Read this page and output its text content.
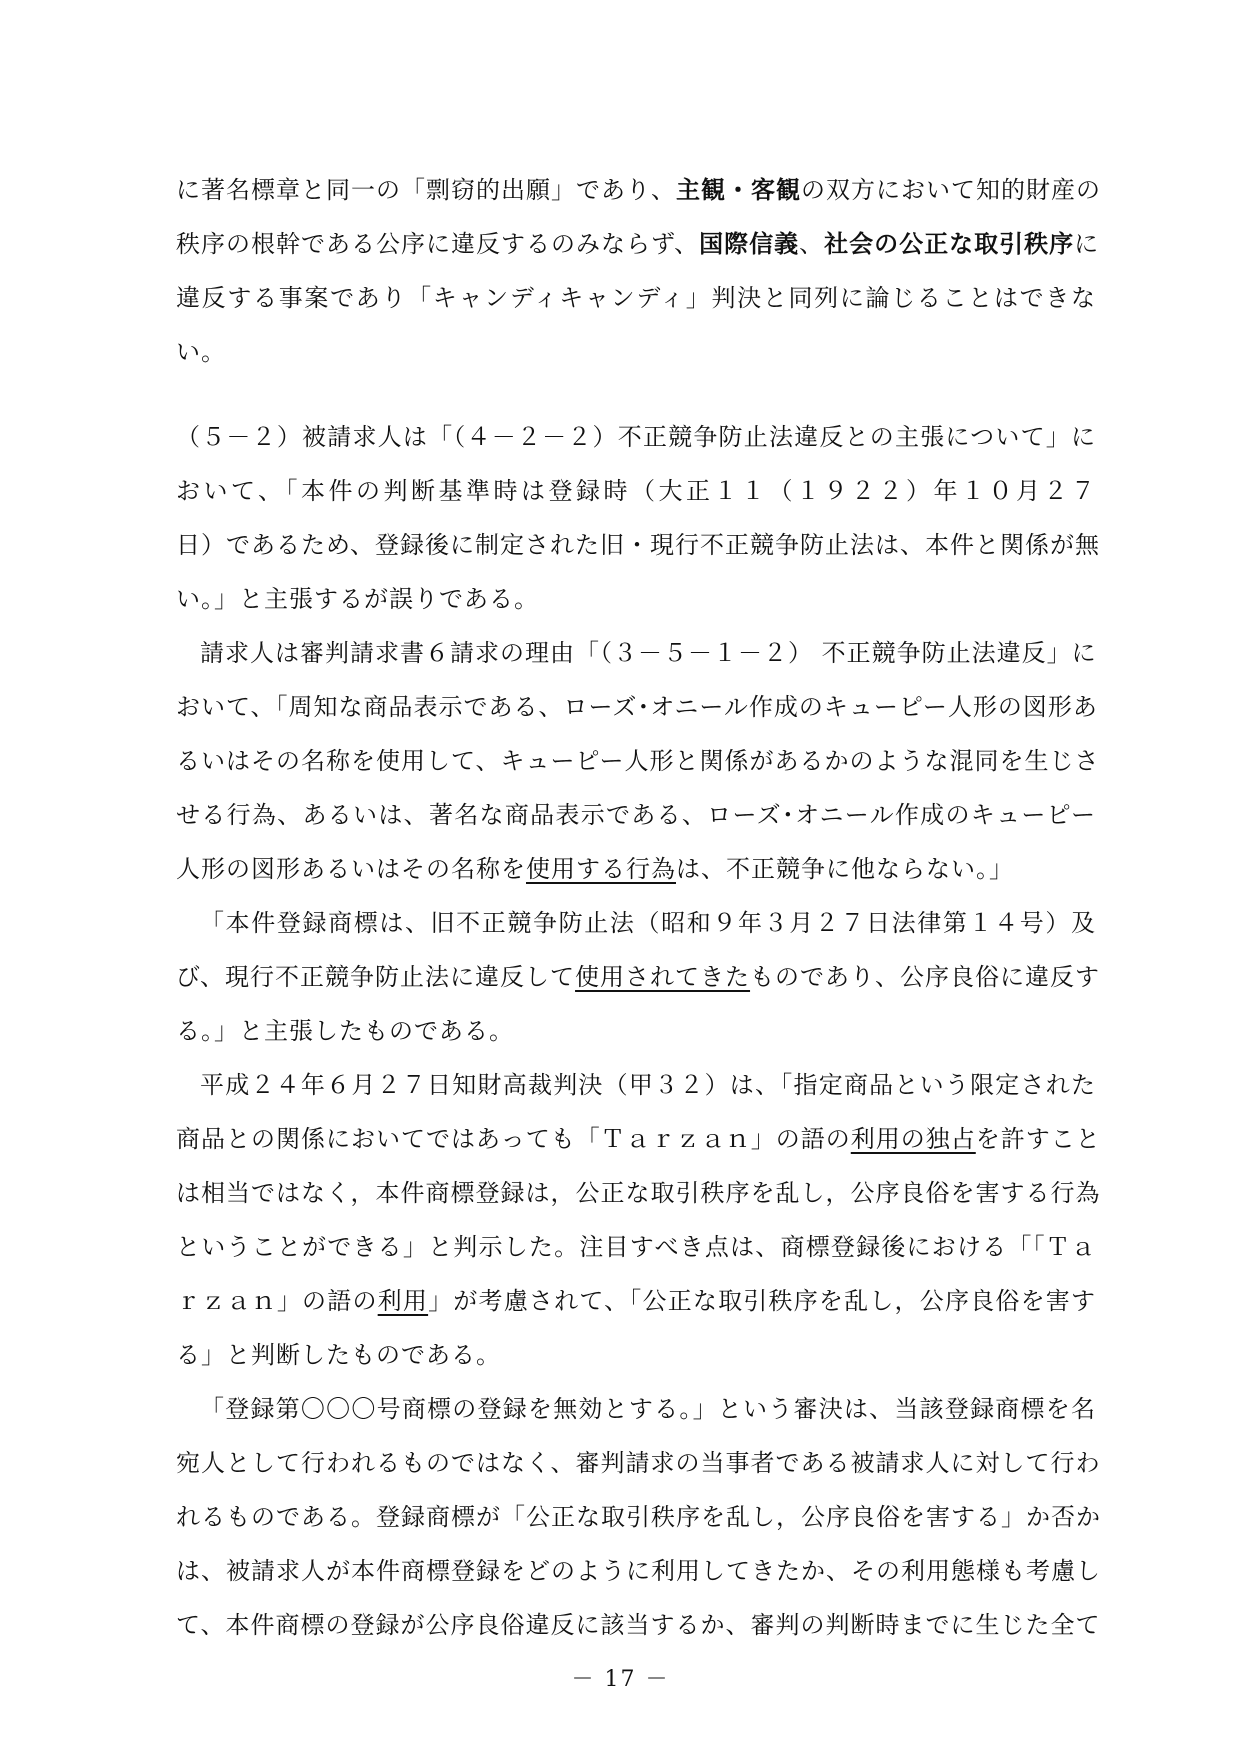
に著名標章と同一の「剽窃的出願」であり、主観・客観の双方において知的財産の
秩序の根幹である公序に違反するのみならず、国際信義、社会の公正な取引秩序に
違反する事案であり「キャンディキャンディ」判決と同列に論じることはできな
い。
（５－２）被請求人は「（４－２－２）不正競争防止法違反との主張について」に
おいて、「本件の判断基準時は登録時（大正１１（１９２２）年１０月２７
日）であるため、登録後に制定された旧・現行不正競争防止法は、本件と関係が無
い。」と主張するが誤りである。
請求人は審判請求書６請求の理由「（３－５－１－２） 不正競争防止法違反」に
おいて、「周知な商品表示である、ローズ･オニール作成のキューピー人形の図形あ
るいはその名称を使用して、キューピー人形と関係があるかのような混同を生じさ
せる行為、あるいは、著名な商品表示である、ローズ･オニール作成のキューピー
人形の図形あるいはその名称を使用する行為は、不正競争に他ならない。」
「本件登録商標は、旧不正競争防止法（昭和９年３月２７日法律第１４号）及
び、現行不正競争防止法に違反して使用されてきたものであり、公序良俗に違反す
る。」と主張したものである。
平成２４年６月２７日知財高裁判決（甲３２）は、「指定商品という限定された
商品との関係においてではあっても「Ｔａｒｚａｎ」の語の利用の独占を許すこと
は相当ではなく，本件商標登録は，公正な取引秩序を乱し，公序良俗を害する行為
ということができる」と判示した。注目すべき点は、商標登録後における「「Ｔａ
ｒｚａｎ」の語の利用」が考慮されて、「公正な取引秩序を乱し，公序良俗を害す
る」と判断したものである。
「登録第〇〇〇号商標の登録を無効とする。」という審決は、当該登録商標を名
宛人として行われるものではなく、審判請求の当事者である被請求人に対して行わ
れるものである。登録商標が「公正な取引秩序を乱し，公序良俗を害する」か否か
は、被請求人が本件商標登録をどのように利用してきたか、その利用態様も考慮し
て、本件商標の登録が公序良俗違反に該当するか、審判の判断時までに生じた全て
－ 17 －
